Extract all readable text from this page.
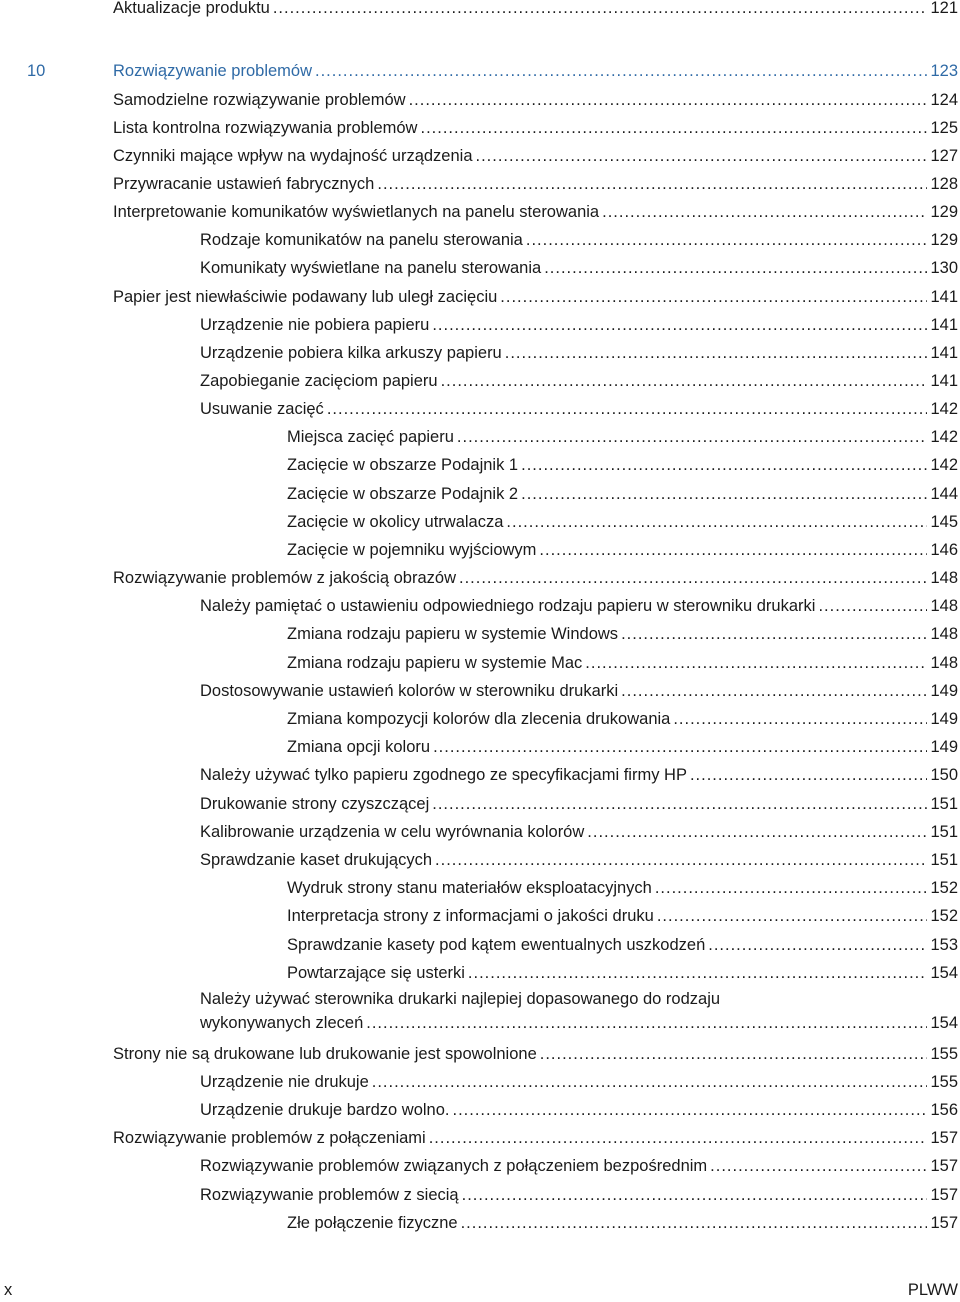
Aktualizacje produktu .....	121
10	Rozwiązywanie problemów .....	123
Samodzielne rozwiązywanie problemów .....	124
Lista kontrolna rozwiązywania problemów .....	125
Czynniki mające wpływ na wydajność urządzenia .....	127
Przywracanie ustawień fabrycznych .....	128
Interpretowanie komunikatów wyświetlanych na panelu sterowania .....	129
Rodzaje komunikatów na panelu sterowania .....	129
Komunikaty wyświetlane na panelu sterowania .....	130
Papier jest niewłaściwie podawany lub uległ zacięciu .....	141
Urządzenie nie pobiera papieru .....	141
Urządzenie pobiera kilka arkuszy papieru .....	141
Zapobieganie zacięciom papieru .....	141
Usuwanie zacięć .....	142
Miejsca zacięć papieru .....	142
Zacięcie w obszarze Podajnik 1 .....	142
Zacięcie w obszarze Podajnik 2 .....	144
Zacięcie w okolicy utrwalacza .....	145
Zacięcie w pojemniku wyjściowym .....	146
Rozwiązywanie problemów z jakością obrazów .....	148
Należy pamiętać o ustawieniu odpowiedniego rodzaju papieru w sterowniku drukarki .....	148
Zmiana rodzaju papieru w systemie Windows .....	148
Zmiana rodzaju papieru w systemie Mac .....	148
Dostosowywanie ustawień kolorów w sterowniku drukarki .....	149
Zmiana kompozycji kolorów dla zlecenia drukowania .....	149
Zmiana opcji koloru .....	149
Należy używać tylko papieru zgodnego ze specyfikacjami firmy HP .....	150
Drukowanie strony czyszczącej .....	151
Kalibrowanie urządzenia w celu wyrównania kolorów .....	151
Sprawdzanie kaset drukujących .....	151
Wydruk strony stanu materiałów eksploatacyjnych .....	152
Interpretacja strony z informacjami o jakości druku .....	152
Sprawdzanie kasety pod kątem ewentualnych uszkodzeń .....	153
Powtarzające się usterki .....	154
Należy używać sterownika drukarki najlepiej dopasowanego do rodzaju
wykonywanych zleceń .....	154
Strony nie są drukowane lub drukowanie jest spowolnione .....	155
Urządzenie nie drukuje .....	155
Urządzenie drukuje bardzo wolno. .....	156
Rozwiązywanie problemów z połączeniami .....	157
Rozwiązywanie problemów związanych z połączeniem bezpośrednim .....	157
Rozwiązywanie problemów z siecią .....	157
Złe połączenie fizyczne .....	157
x	PLWW
